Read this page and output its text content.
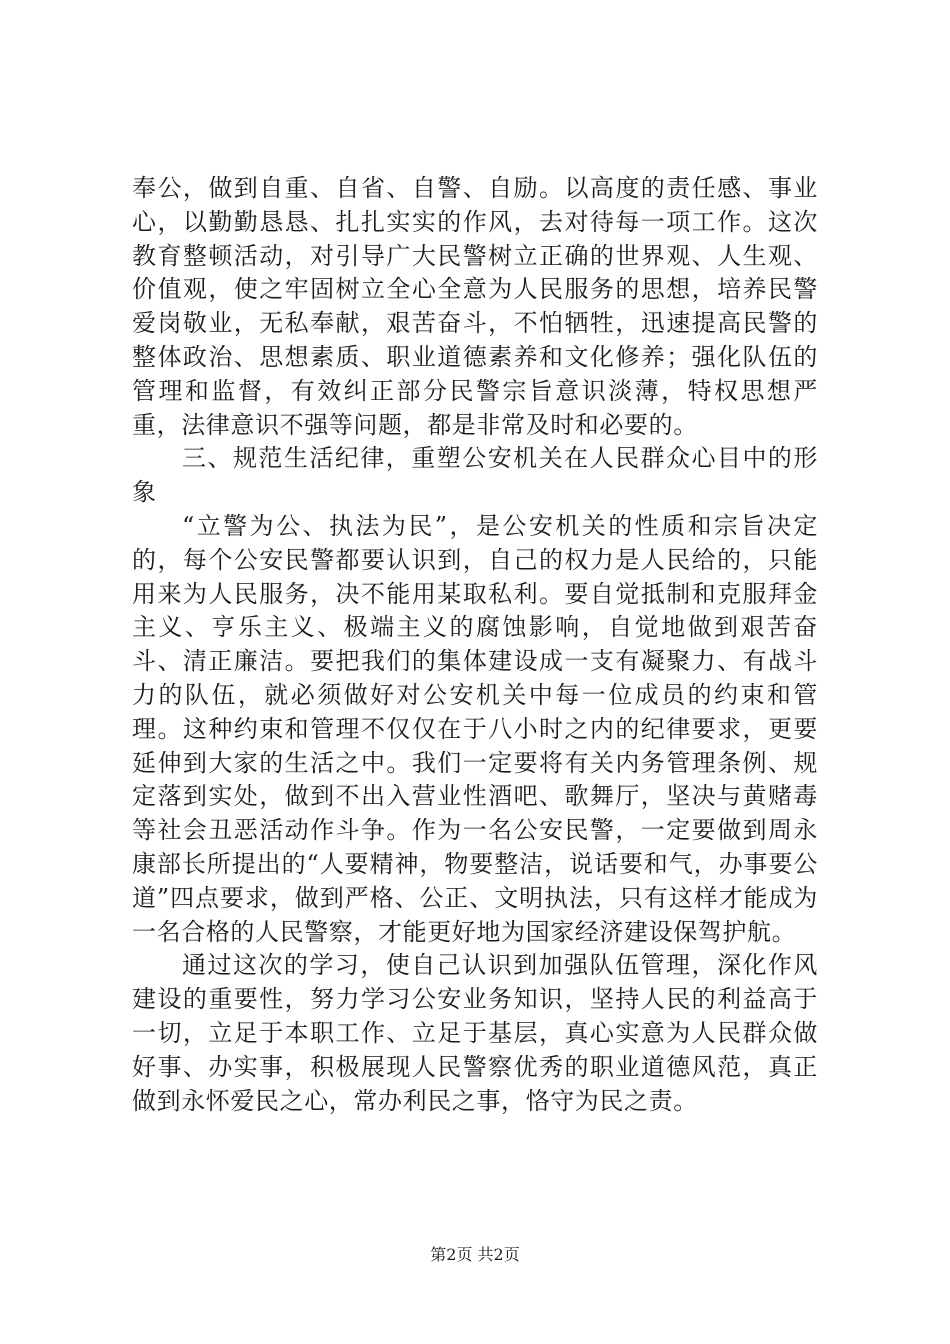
奉公，做到自重、自省、自警、自励。以高度的责任感、事业心，以勤勤恳恳、扎扎实实的作风，去对待每一项工作。这次教育整顿活动，对引导广大民警树立正确的世界观、人生观、价值观，使之牢固树立全心全意为人民服务的思想，培养民警爱岗敬业，无私奉献，艰苦奋斗，不怕牺牲，迅速提高民警的整体政治、思想素质、职业道德素养和文化修养；强化队伍的管理和监督，有效纠正部分民警宗旨意识淡薄，特权思想严重，法律意识不强等问题，都是非常及时和必要的。

三、规范生活纪律，重塑公安机关在人民群众心目中的形象

“立警为公、执法为民”，是公安机关的性质和宗旨决定的，每个公安民警都要认识到，自己的权力是人民给的，只能用来为人民服务，决不能用某取私利。要自觉抵制和克服拜金主义、亨乐主义、极端主义的腐蚀影响，自觉地做到艰苦奋斗、清正廉洁。要把我们的集体建设成一支有凝聚力、有战斗力的队伍，就必须做好对公安机关中每一位成员的约束和管理。这种约束和管理不仅仅在于八小时之内的纪律要求，更要延伸到大家的生活之中。我们一定要将有关内务管理条例、规定落到实处，做到不出入营业性酒吧、歌舞厅，坚决与黄赌毒等社会丑恶活动作斗争。作为一名公安民警，一定要做到周永康部长所提出的“人要精神，物要整洁，说话要和气，办事要公道”四点要求，做到严格、公正、文明执法，只有这样才能成为一名合格的人民警察，才能更好地为国家经济建设保驾护航。

通过这次的学习，使自己认识到加强队伍管理，深化作风建设的重要性，努力学习公安业务知识，坚持人民的利益高于一切，立足于本职工作、立足于基层，真心实意为人民群众做好事、办实事，积极展现人民警察优秀的职业道德风范，真正做到永怀爱民之心，常办利民之事，恪守为民之责。

第2页 共2页
